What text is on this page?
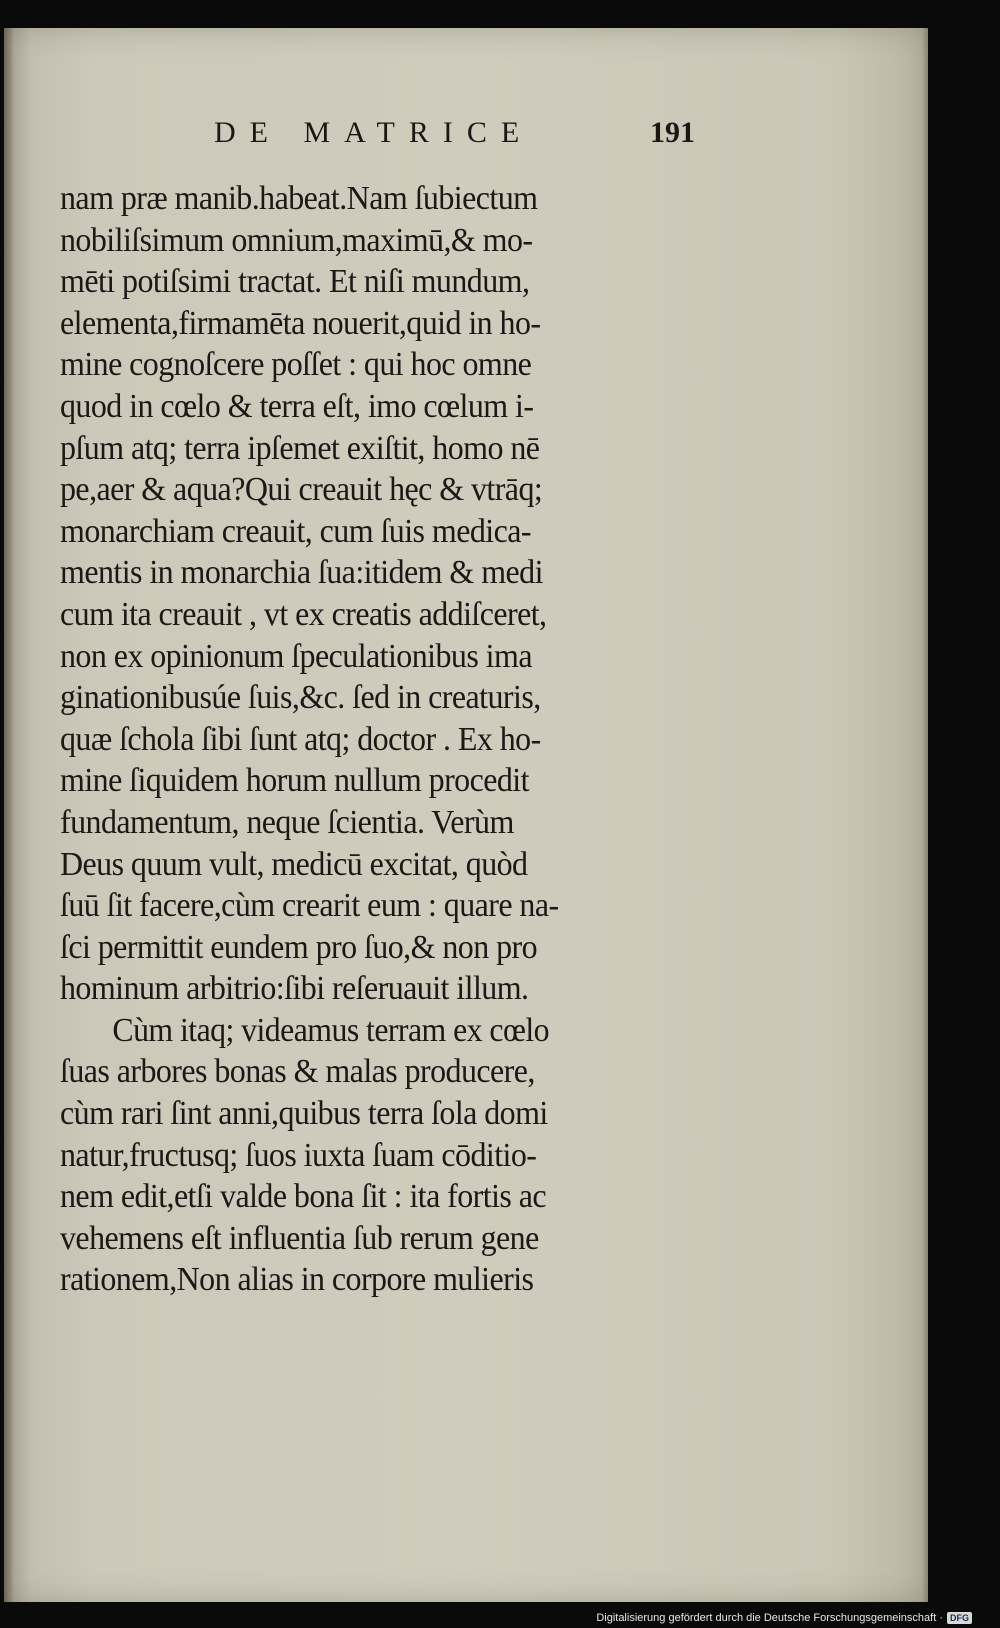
DE MATRICE	191
nam præ manib.habeat.Nam ſubiectum
nobiliſsimum omnium,maximū,& mo-
mēti potiſsimi tractat. Et niſi mundum,
elementa,firmamēta nouerit,quid in ho-
mine cognoſcere poſſet : qui hoc omne
quod in cœlo & terra eſt, imo cœlum i-
pſum atq; terra ipſemet exiſtit, homo nē
pe,aer & aqua?Qui creauit hęc & vtrāq;
monarchiam creauit, cum ſuis medica-
mentis in monarchia ſua:itidem & medi
cum ita creauit , vt ex creatis addiſceret,
non ex opinionum ſpeculationibus ima
ginationibusúe ſuis,&c. ſed in creaturis,
quæ ſchola ſibi ſunt atq; doctor . Ex ho-
mine ſiquidem horum nullum procedit
fundamentum, neque ſcientia. Verùm
Deus quum vult, medicū excitat, quòd
ſuū ſit facere,cùm crearit eum : quare na-
ſci permittit eundem pro ſuo,& non pro
hominum arbitrio:ſibi reſeruauit illum.
Cùm itaq; videamus terram ex cœlo
ſuas arbores bonas & malas producere,
cùm rari ſint anni,quibus terra ſola domi
natur,fructusq; ſuos iuxta ſuam cōditio-
nem edit,etſi valde bona ſit : ita fortis ac
vehemens eſt influentia ſub rerum gene
rationem,Non alias in corpore mulieris
Digitalisierung gefördert durch die Deutsche Forschungsgemeinschaft · DFG
